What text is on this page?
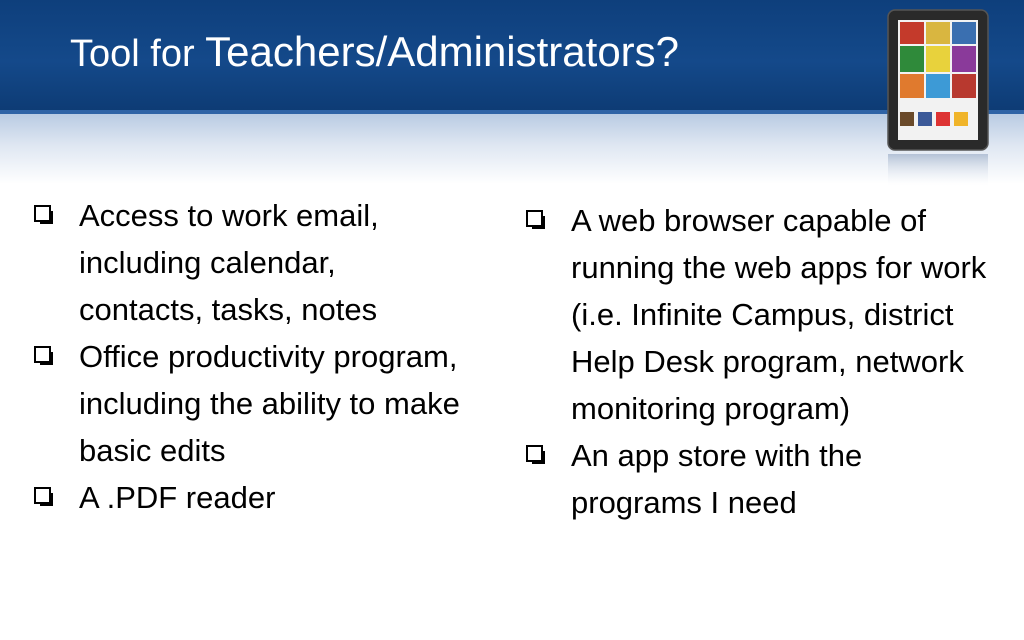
Tool for Teachers/Administrators?
Access to work email, including calendar, contacts, tasks, notes
Office productivity program, including the ability to make basic edits
A .PDF reader
A web browser capable of running the web apps for work (i.e. Infinite Campus, district Help Desk program, network monitoring program)
An app store with the programs I need
